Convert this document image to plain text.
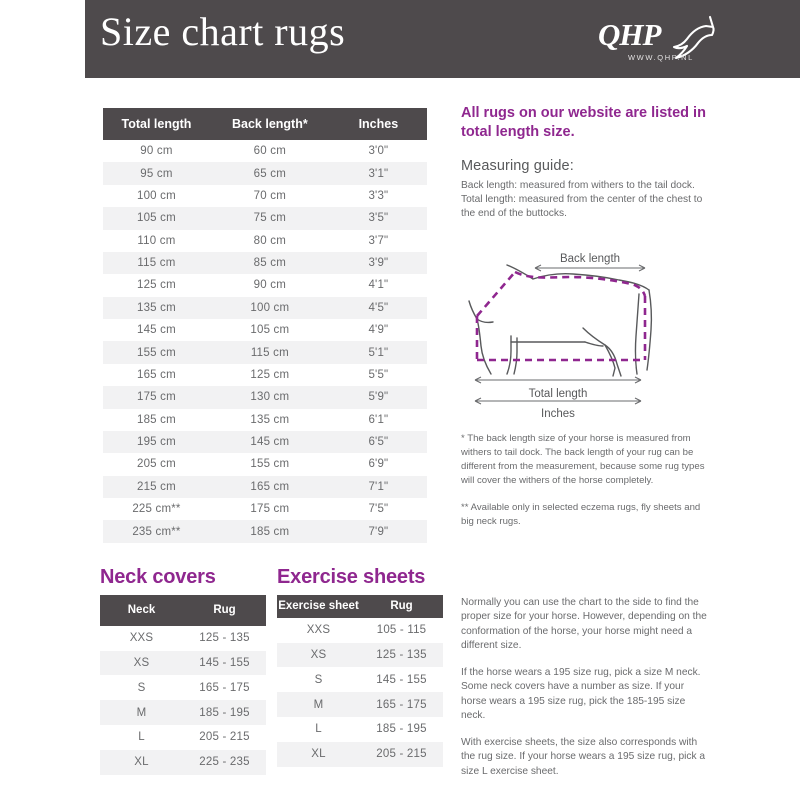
Size chart rugs	QHP
WWW.QHP.NL
Total length	Back length*	Inches
90 cm	60 cm	3'0"
95 cm	65 cm	3'1"
100 cm	70 cm	3'3"
105 cm	75 cm	3'5"
110 cm	80 cm	3'7"
115 cm	85 cm	3'9"
125 cm	90 cm	4'1"
135 cm	100 cm	4'5"
145 cm	105 cm	4'9"
155 cm	115 cm	5'1"
165 cm	125 cm	5'5"
175 cm	130 cm	5'9"
185 cm	135 cm	6'1"
195 cm	145 cm	6'5"
205 cm	155 cm	6'9"
215 cm	165 cm	7'1"
225 cm**	175 cm	7'5"
235 cm**	185 cm	7'9"

All rugs on our website are listed in total length size.

Measuring guide:

Back length: measured from withers to the tail dock. Total length: measured from the center of the chest to the end of the buttocks.

Back length
Total length
Inches

* The back length size of your horse is measured from withers to tail dock. The back length of your rug can be different from the measurement, because some rug types will cover the withers of the horse completely.

** Available only in selected eczema rugs, fly sheets and big neck rugs.

Neck covers
Neck	Rug
XXS	125 - 135
XS	145 - 155
S	165 - 175
M	185 - 195
L	205 - 215
XL	225 - 235
Exercise sheets
Exercise sheet	Rug
XXS	105 - 115
XS	125 - 135
S	145 - 155
M	165 - 175
L	185 - 195
XL	205 - 215

Normally you can use the chart to the side to find the proper size for your horse. However, depending on the conformation of the horse, your horse might need a different size.

If the horse wears a 195 size rug, pick a size M neck. Some neck covers have a number as size. If your horse wears a 195 size rug, pick the 185-195 size neck.

With exercise sheets, the size also corresponds with the rug size. If your horse wears a 195 size rug, pick a size L exercise sheet.
